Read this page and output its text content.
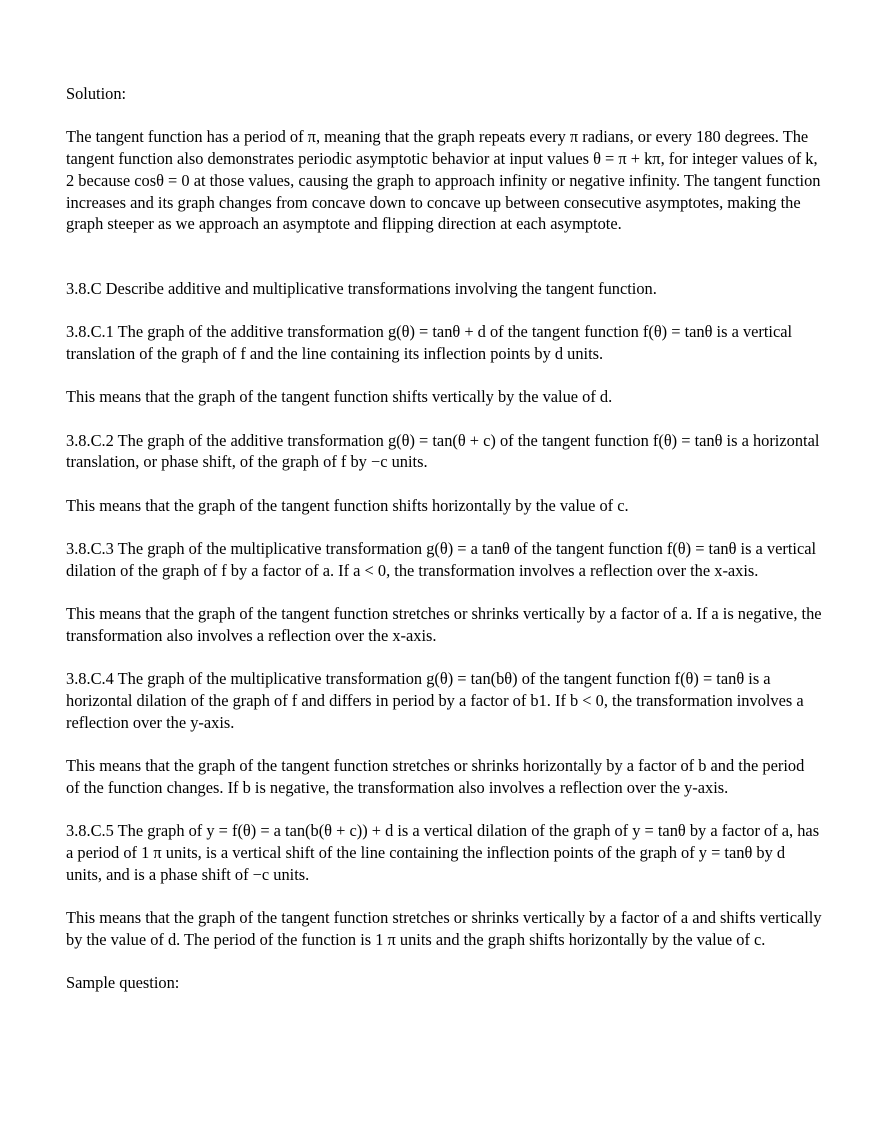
Solution:

The tangent function has a period of π, meaning that the graph repeats every π radians, or every 180 degrees. The tangent function also demonstrates periodic asymptotic behavior at input values θ = π + kπ, for integer values of k, 2 because cosθ = 0 at those values, causing the graph to approach infinity or negative infinity. The tangent function increases and its graph changes from concave down to concave up between consecutive asymptotes, making the graph steeper as we approach an asymptote and flipping direction at each asymptote.

3.8.C Describe additive and multiplicative transformations involving the tangent function.

3.8.C.1 The graph of the additive transformation g(θ) = tanθ + d of the tangent function f(θ) = tanθ is a vertical translation of the graph of f and the line containing its inflection points by d units.

This means that the graph of the tangent function shifts vertically by the value of d.

3.8.C.2 The graph of the additive transformation g(θ) = tan(θ + c) of the tangent function f(θ) = tanθ is a horizontal translation, or phase shift, of the graph of f by −c units.

This means that the graph of the tangent function shifts horizontally by the value of c.

3.8.C.3 The graph of the multiplicative transformation g(θ) = a tanθ of the tangent function f(θ) = tanθ is a vertical dilation of the graph of f by a factor of a. If a < 0, the transformation involves a reflection over the x-axis.

This means that the graph of the tangent function stretches or shrinks vertically by a factor of a. If a is negative, the transformation also involves a reflection over the x-axis.

3.8.C.4 The graph of the multiplicative transformation g(θ) = tan(bθ) of the tangent function f(θ) = tanθ is a horizontal dilation of the graph of f and differs in period by a factor of b1. If b < 0, the transformation involves a reflection over the y-axis.

This means that the graph of the tangent function stretches or shrinks horizontally by a factor of b and the period of the function changes. If b is negative, the transformation also involves a reflection over the y-axis.

3.8.C.5 The graph of y = f(θ) = a tan(b(θ + c)) + d is a vertical dilation of the graph of y = tanθ by a factor of a, has a period of 1 π units, is a vertical shift of the line containing the inflection points of the graph of y = tanθ by d units, and is a phase shift of −c units.

This means that the graph of the tangent function stretches or shrinks vertically by a factor of a and shifts vertically by the value of d. The period of the function is 1 π units and the graph shifts horizontally by the value of c.

Sample question:
